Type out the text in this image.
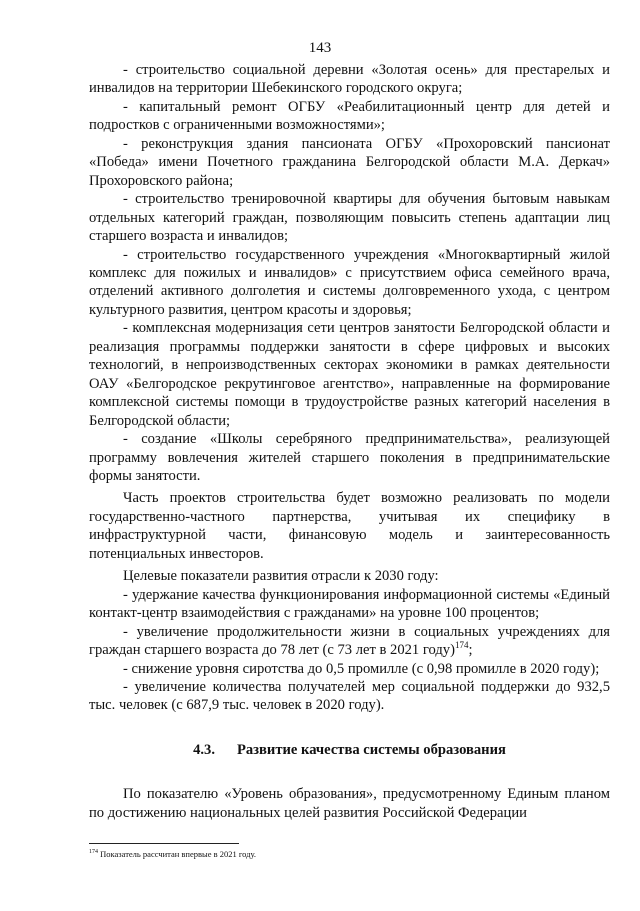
143

- строительство социальной деревни «Золотая осень» для престарелых и инвалидов на территории Шебекинского городского округа;

- капитальный ремонт ОГБУ «Реабилитационный центр для детей и подростков с ограниченными возможностями»;

- реконструкция здания пансионата ОГБУ «Прохоровский пансионат «Победа» имени Почетного гражданина Белгородской области М.А. Деркач» Прохоровского района;

- строительство тренировочной квартиры для обучения бытовым навыкам отдельных категорий граждан, позволяющим повысить степень адаптации лиц старшего возраста и инвалидов;

- строительство государственного учреждения «Многоквартирный жилой комплекс для пожилых и инвалидов» с присутствием офиса семейного врача, отделений активного долголетия и системы долговременного ухода, с центром культурного развития, центром красоты и здоровья;

- комплексная модернизация сети центров занятости Белгородской области и реализация программы поддержки занятости в сфере цифровых и высоких технологий, в непроизводственных секторах экономики в рамках деятельности ОАУ «Белгородское рекрутинговое агентство», направленные на формирование комплексной системы помощи в трудоустройстве разных категорий населения в Белгородской области;

- создание «Школы серебряного предпринимательства», реализующей программу вовлечения жителей старшего поколения в предпринимательские формы занятости.

Часть проектов строительства будет возможно реализовать по модели государственно-частного партнерства, учитывая их специфику в инфраструктурной части, финансовую модель и заинтересованность потенциальных инвесторов.

Целевые показатели развития отрасли к 2030 году:

- удержание качества функционирования информационной системы «Единый контакт-центр взаимодействия с гражданами» на уровне 100 процентов;

- увеличение продолжительности жизни в социальных учреждениях для граждан старшего возраста до 78 лет (с 73 лет в 2021 году)$^{174}$;

- снижение уровня сиротства до 0,5 промилле (с 0,98 промилле в 2020 году);

- увеличение количества получателей мер социальной поддержки до 932,5 тыс. человек (с 687,9 тыс. человек в 2020 году).

4.3. Развитие качества системы образования

По показателю «Уровень образования», предусмотренному Единым планом по достижению национальных целей развития Российской Федерации

$^{174}$ Показатель рассчитан впервые в 2021 году.
